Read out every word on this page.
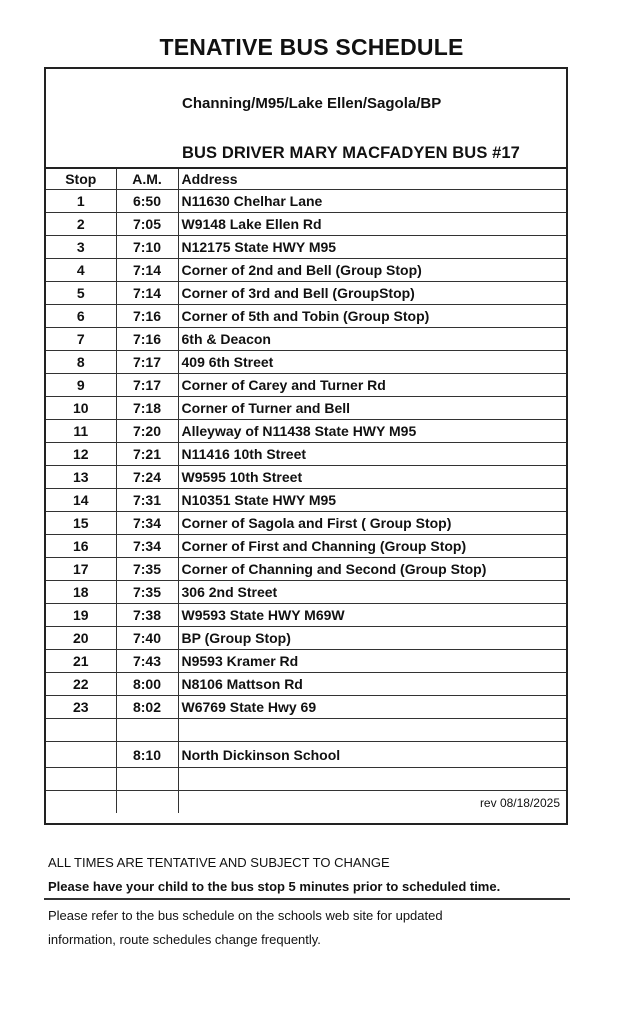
TENATIVE BUS SCHEDULE
Channing/M95/Lake Ellen/Sagola/BP
BUS DRIVER MARY MACFADYEN BUS #17
Stop	A.M.	Address
1	6:50	N11630 Chelhar Lane
2	7:05	W9148 Lake Ellen Rd
3	7:10	N12175 State HWY M95
4	7:14	Corner of 2nd and Bell (Group Stop)
5	7:14	Corner of 3rd and Bell (GroupStop)
6	7:16	Corner of 5th and Tobin (Group Stop)
7	7:16	6th & Deacon
8	7:17	409 6th Street
9	7:17	Corner of Carey and Turner Rd
10	7:18	Corner of Turner and Bell
11	7:20	Alleyway of N11438 State HWY M95
12	7:21	N11416 10th Street
13	7:24	W9595 10th Street
14	7:31	N10351 State HWY M95
15	7:34	Corner of Sagola and First ( Group Stop)
16	7:34	Corner of First and Channing (Group Stop)
17	7:35	Corner of Channing and Second (Group Stop)
18	7:35	306 2nd Street
19	7:38	W9593 State HWY M69W
20	7:40	BP (Group Stop)
21	7:43	N9593 Kramer Rd
22	8:00	N8106 Mattson Rd
23	8:02	W6769 State Hwy 69

	8:10	North Dickinson School

		rev 08/18/2025
ALL TIMES ARE TENTATIVE AND SUBJECT TO CHANGE
Please have your child to the bus stop 5 minutes prior to scheduled time.
Please refer to the bus schedule on the schools web site for updated
information, route schedules change frequently.
